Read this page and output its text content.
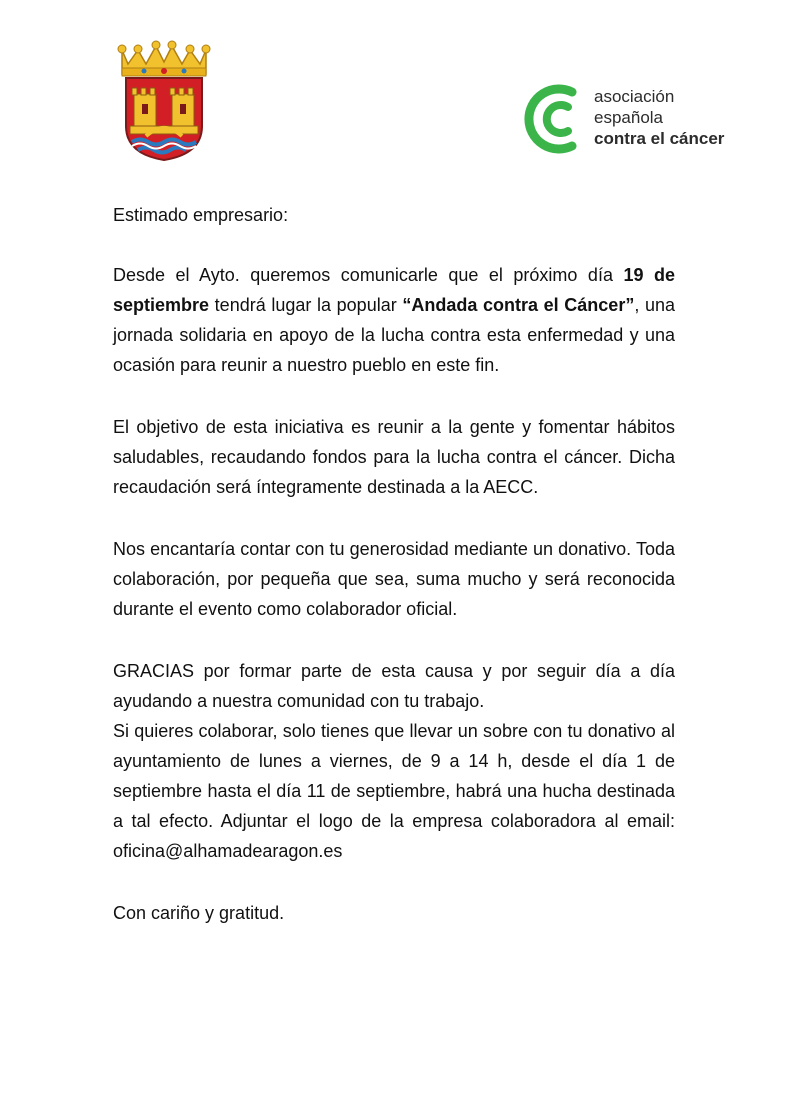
asociación
española
contra el cáncer

Estimado empresario:

Desde el Ayto. queremos comunicarle que el próximo día 19 de septiembre tendrá lugar la popular “Andada contra el Cáncer”, una jornada solidaria en apoyo de la lucha contra esta enfermedad y una ocasión para reunir a nuestro pueblo en este fin.

El objetivo de esta iniciativa es reunir a la gente y fomentar hábitos saludables, recaudando fondos para la lucha contra el cáncer. Dicha recaudación será íntegramente destinada a la AECC.

Nos encantaría contar con tu generosidad mediante un donativo. Toda colaboración, por pequeña que sea, suma mucho y será reconocida durante el evento como colaborador oficial.

GRACIAS por formar parte de esta causa y por seguir día a día ayudando a nuestra comunidad con tu trabajo.

Si quieres colaborar, solo tienes que llevar un sobre con tu donativo al ayuntamiento de lunes a viernes, de 9 a 14 h, desde el día 1 de septiembre hasta el día 11 de septiembre, habrá una hucha destinada a tal efecto. Adjuntar el logo de la empresa colaboradora al email: oficina@alhamadearagon.es

Con cariño y gratitud.
